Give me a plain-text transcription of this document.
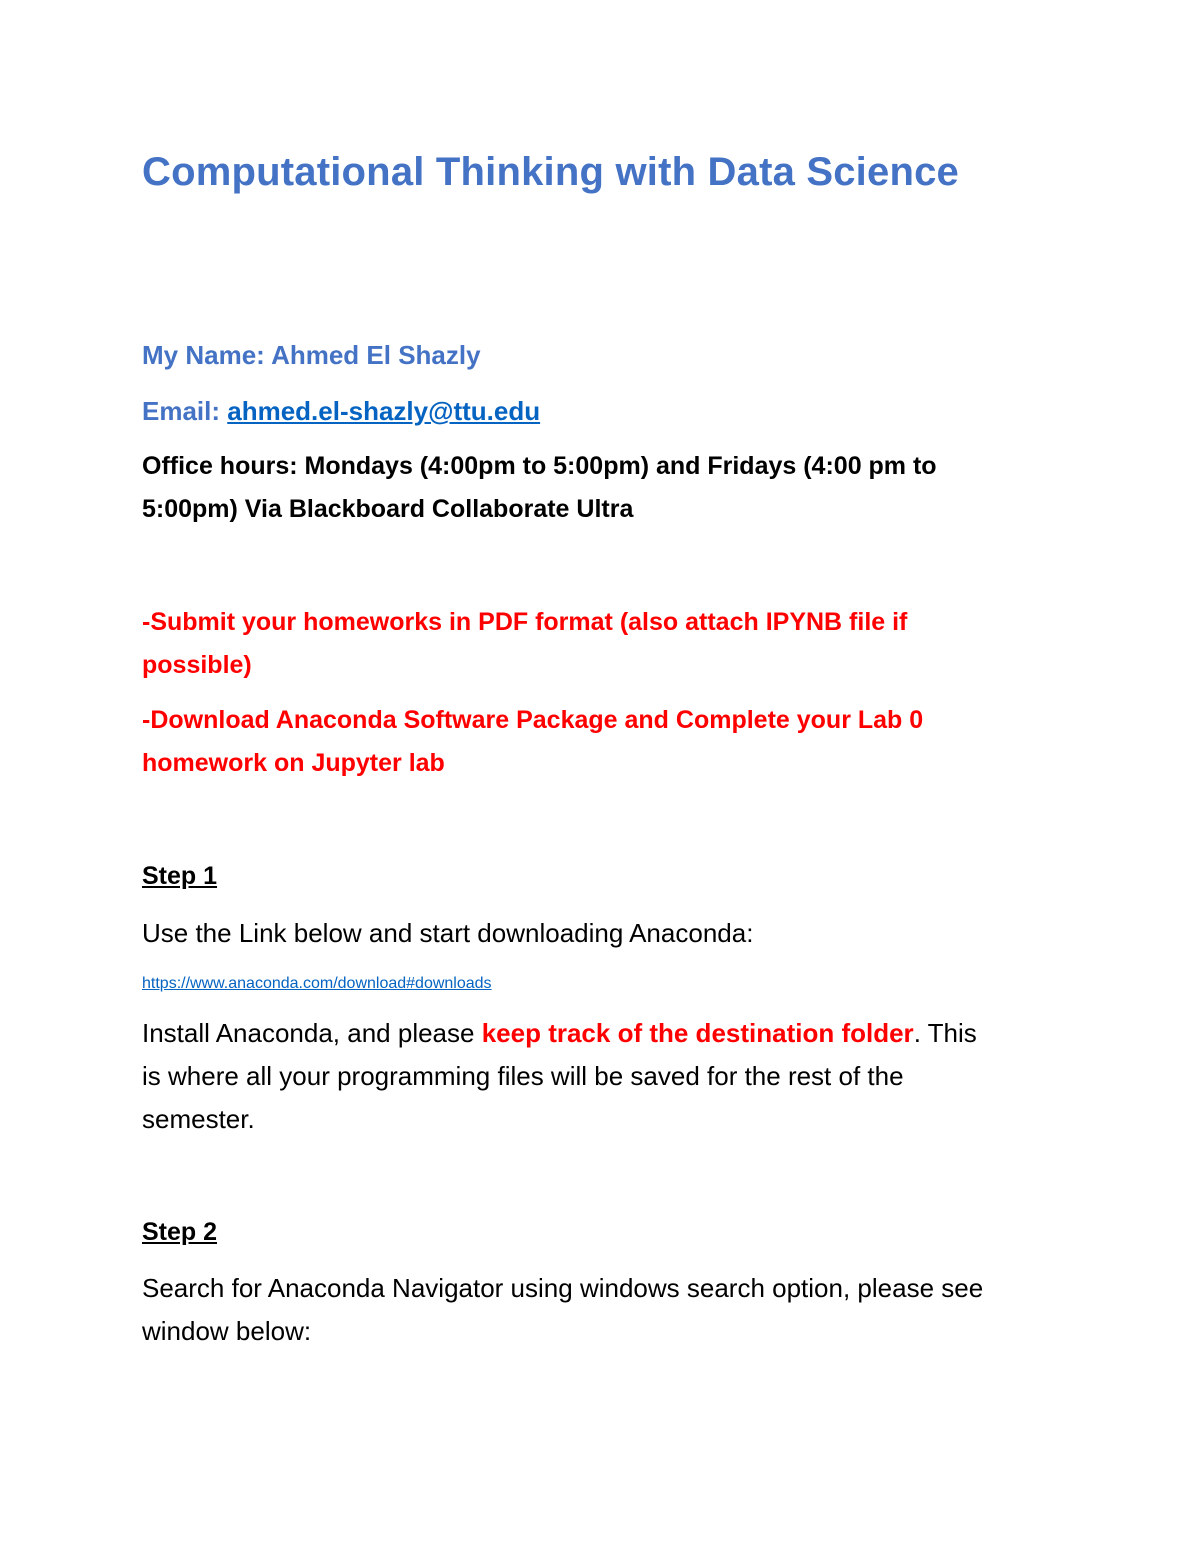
Computational Thinking with Data Science
My Name: Ahmed El Shazly
Email: ahmed.el-shazly@ttu.edu
Office hours: Mondays (4:00pm to 5:00pm) and Fridays (4:00 pm to
5:00pm) Via Blackboard Collaborate Ultra
-Submit your homeworks in PDF format (also attach IPYNB file if
possible)
-Download Anaconda Software Package and Complete your Lab 0
homework on Jupyter lab
Step 1
Use the Link below and start downloading Anaconda:
https://www.anaconda.com/download#downloads
Install Anaconda, and please keep track of the destination folder. This
is where all your programming files will be saved for the rest of the
semester.
Step 2
Search for Anaconda Navigator using windows search option, please see
window below:
